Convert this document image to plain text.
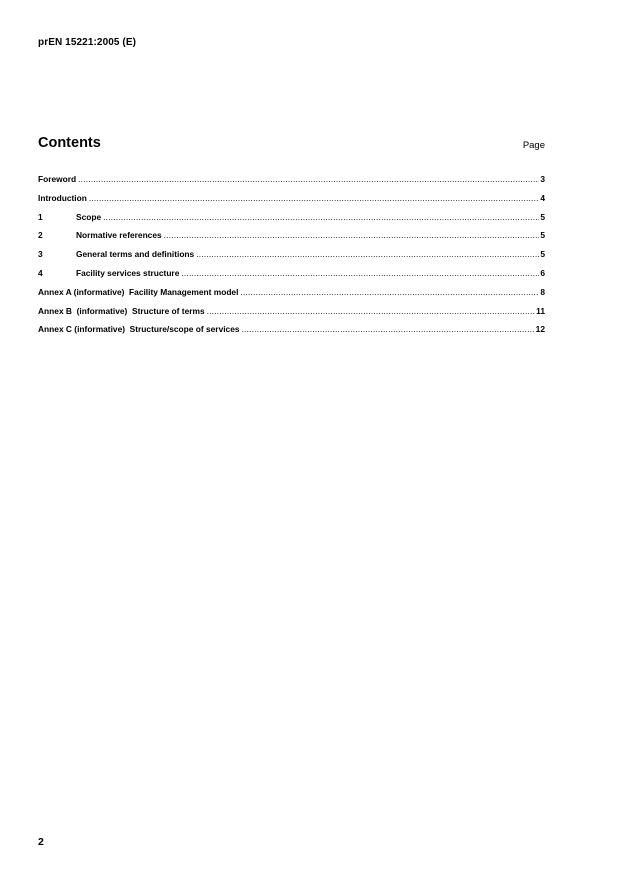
prEN 15221:2005 (E)
Contents	Page
Foreword .....	3
Introduction .....	4
1	Scope .....	5
2	Normative references .....	5
3	General terms and definitions .....	5
4	Facility services structure .....	6
Annex A (informative)  Facility Management model .....	8
Annex B  (informative)  Structure of terms .....	11
Annex C (informative)  Structure/scope of services .....	12
2
